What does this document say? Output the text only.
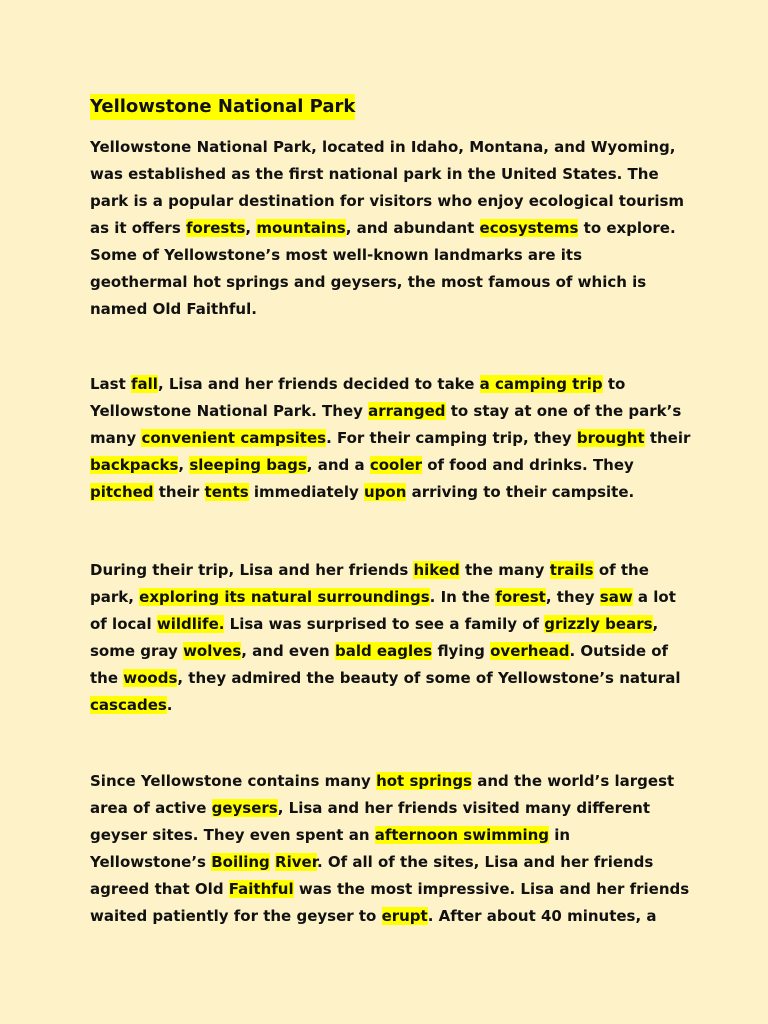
Yellowstone National Park
Yellowstone National Park, located in Idaho, Montana, and Wyoming,
was established as the first national park in the United States. The
park is a popular destination for visitors who enjoy ecological tourism
as it offers forests, mountains, and abundant ecosystems to explore.
Some of Yellowstone’s most well-known landmarks are its
geothermal hot springs and geysers, the most famous of which is
named Old Faithful.
Last fall, Lisa and her friends decided to take a camping trip to
Yellowstone National Park. They arranged to stay at one of the park’s
many convenient campsites. For their camping trip, they brought their
backpacks, sleeping bags, and a cooler of food and drinks. They
pitched their tents immediately upon arriving to their campsite.
During their trip, Lisa and her friends hiked the many trails of the
park, exploring its natural surroundings. In the forest, they saw a lot
of local wildlife. Lisa was surprised to see a family of grizzly bears,
some gray wolves, and even bald eagles flying overhead. Outside of
the woods, they admired the beauty of some of Yellowstone’s natural
cascades.
Since Yellowstone contains many hot springs and the world’s largest
area of active geysers, Lisa and her friends visited many different
geyser sites. They even spent an afternoon swimming in
Yellowstone’s Boiling River. Of all of the sites, Lisa and her friends
agreed that Old Faithful was the most impressive. Lisa and her friends
waited patiently for the geyser to erupt. After about 40 minutes, a
